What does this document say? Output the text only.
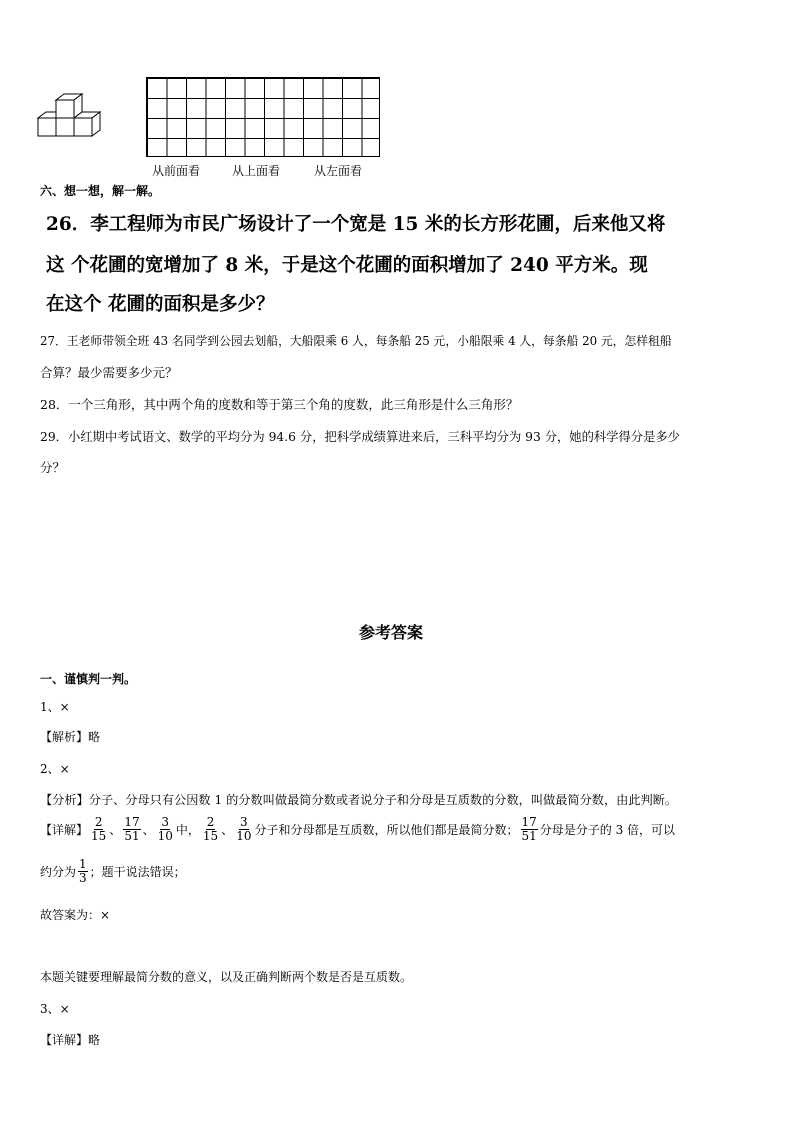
从前面看	从上面看	从左面看
六、想一想，解一解。
26．李工程师为市民广场设计了一个宽是 15 米的长方形花圃，后来他又将
这 个花圃的宽增加了 8 米，于是这个花圃的面积增加了 240 平方米。现
在这个 花圃的面积是多少？
27．王老师带领全班 43 名同学到公园去划船，大船限乘 6 人，每条船 25 元，小船限乘 4 人，每条船 20 元，怎样租船
合算？最少需要多少元？
28．一个三角形，其中两个角的度数和等于第三个角的度数，此三角形是什么三角形？
29．小红期中考试语文、数学的平均分为 94.6 分，把科学成绩算进来后，三科平均分为 93 分，她的科学得分是多少
分？
参考答案
一、谨慎判一判。
1、×
【解析】略
2、×
【分析】分子、分母只有公因数 1 的分数叫做最简分数或者说分子和分母是互质数的分数，叫做最简分数，由此判断。
【详解】 $\frac{2}{15}$ 、 $\frac{17}{51}$ 、 $\frac{3}{10}$ 中， $\frac{2}{15}$ 、 $\frac{3}{10}$ 分子和分母都是互质数，所以他们都是最简分数； $\frac{17}{51}$ 分母是分子的 3 倍，可以
约分为 $\frac{1}{3}$ ；题干说法错误；
故答案为：×
本题关键要理解最简分数的意义，以及正确判断两个数是否是互质数。
3、×
【详解】略
